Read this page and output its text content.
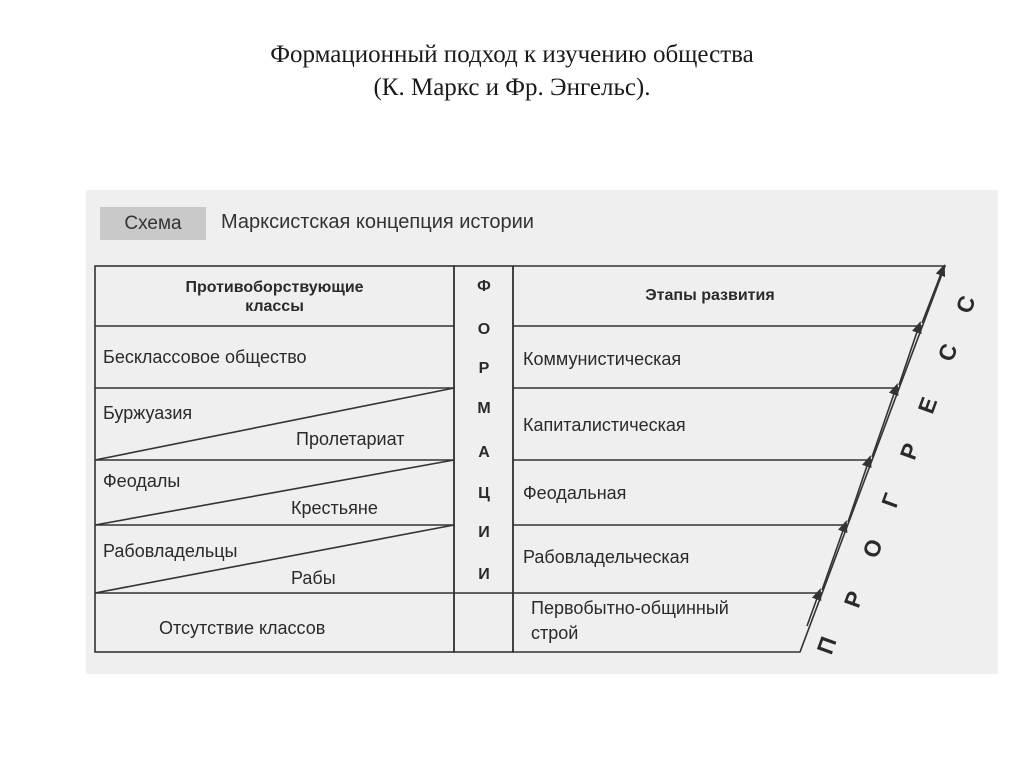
Формационный подход к изучению общества
(К. Маркс и Фр. Энгельс).
Схема	Марксистская концепция истории
Противоборствующие
классы
Этапы развития
Ф
О
Р
М
А
Ц
И
И
Бесклассовое общество
Буржуазия
Пролетариат
Феодалы
Крестьяне
Рабовладельцы
Рабы
Отсутствие классов
Коммунистическая
Капиталистическая
Феодальная
Рабовладельческая
Первобытно-общинный
строй
П
Р
О
Г
Р
Е
С
С
